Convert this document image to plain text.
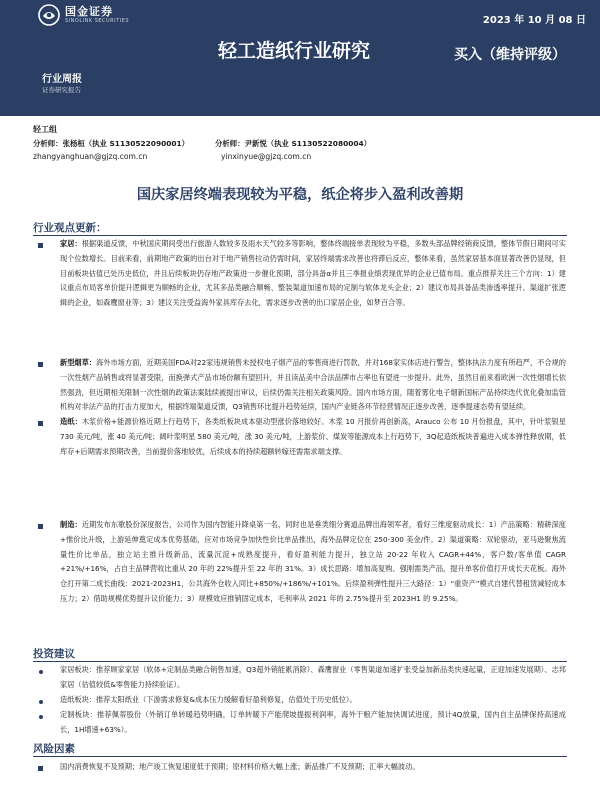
国金证券
SINOLINK SECURITIES	2023 年 10 月 08 日
轻工造纸行业研究	买入（维持评级）
行业周报
证券研究报告
轻工组
分析师：张杨桓（执业 S1130522090001）	分析师：尹新悦（执业 S1130522080004）
zhangyanghuan@gjzq.com.cn	yinxinyue@gjzq.com.cn
国庆家居终端表现较为平稳，纸企将步入盈利改善期
行业观点更新：

家居：根据渠道反馈，中秋国庆期间受出行旅游人数较多及雨水天气较多等影响，整体终端接单表现较为平稳，多数头部品牌经销商反馈，整体节假日期间可实现个位数增长。目前来看，前期地产政策的出台对于地产销售拉动仍需时间，家居终端需求改善也将滞后反应，整体来看，虽然家居基本面显著改善仍显现，但目前板块估值已处历史低位，并且后续板块仍存地产政策进一步催化预期，部分具备α并且三季报业绩表现优异的企业已值布局。重点推荐关注三个方向：1）建议重点布局客单价提升逻辑更为顺畅的企业，尤其多品类融合顺畅、整装渠道加速布局的定制与软体龙头企业；2）建议布局具备品类渗透率提升、渠道扩张逻辑的企业，如森鹰窗业等；3）建议关注受益海外家具库存去化，需求逐步改善的出口家居企业，如梦百合等。

新型烟草：海外市场方面，近期美国FDA对22家违规销售未授权电子烟产品的零售商进行罚款，并对168家实体店进行警告，整体执法力度有所趋严，不合规的一次性烟产品销售或将显著受限，而换弹式产品市场份额有望回升，并且读品美中合法品牌市占率也有望进一步提升。此外，虽然目前来看欧洲一次性烟增长依然强劲，但近期相关限制一次性烟的政策法案陆续被提出审议，后续仍需关注相关政策风险。国内市场方面，随着雾化电子烟新国标产品持续迭代优化叠加监管机构对非法产品的打击力度加大，根据终端渠道反馈，Q3销售环比提升趋势延续，国内产业链各环节经营情况正逐步改善，逐季提速态势有望延续。

造纸：木浆价格+能源价格近期上行趋势下，各类纸板块成本驱动型涨价落地较好。木浆 10 月报价再创新高，Arauco 公布 10 月份报盘，其中，针叶浆银星 730 美元/吨，涨 40 美元/吨；阔叶浆明星 580 美元/吨，涨 30 美元/吨，上游浆价、煤炭等能源成本上行趋势下，3Q起造纸板块普遍进入成本弹性释放期，低库存+后期需求预期改善，当前提价落地较优，后续成本的持续超额转嫁还需需求端支撑。

制造：近期发布东歌股份深度报告，公司作为国内智能升降桌第一名，同时也是垂类细分赛道品牌出海领军者，看好三维度驱动成长：1）产品策略：精耕深度+惟价比升级，上游延伸奠定成本优势基础，应对市场竞争加快性价比单品推出，海外品牌定位在 250-300 美金/件。2）渠道策略：双轮驱动，亚马逊聚焦流量性价比单品，独立站主推升级新品，流量沉淀+成熟度提升，看好盈利能力提升，独立站 20-22 年收入 CAGR+44%，客户数/客单值 CAGR +21%/+16%，占自主品牌营收比重从 20 年的 22%提升至 22 年的 31%。3）成长思路：增加高复购、强刚需类产品，提升单客价值打开成长天花板。海外仓打开第二成长曲线：2021-2023H1，公共海外仓收入同比+850%/+186%/+101%。后续盈利弹性提升三大路径：1）“重资产”模式自建代替租赁减轻成本压力；2）借助规模优势提升议价能力；3）规模效应推销固定成本，毛利率从 2021 年的 2.75%提升至 2023H1 的 9.25%。

投资建议

家居板块：推荐顾家家居（软体+定制品类融合销售加速，Q3超外销能累消除）、森鹰窗业（零售渠道加速扩张受益加新品类快速起量，正迎加速发展期）、志邦家居（估值较低&零售能力持续验证）。

造纸板块：推荐太阳纸业（下游需求修复&成本压力缓解看好盈利修复，估值处于历史低位）。

定制板块：推荐佩蒂股份（外销订单转暖趋势明确，订单转暖下产能爬坡提振利润率，海外干粮产能加快调试进度，预计4Q放量，国内自主品牌保持高速成长，1H增速+63%）。

风险因素

国内消费恢复不及预期；地产竣工恢复速度低于预期；原材料价格大幅上涨；新品推广不及预期；汇率大幅波动。
